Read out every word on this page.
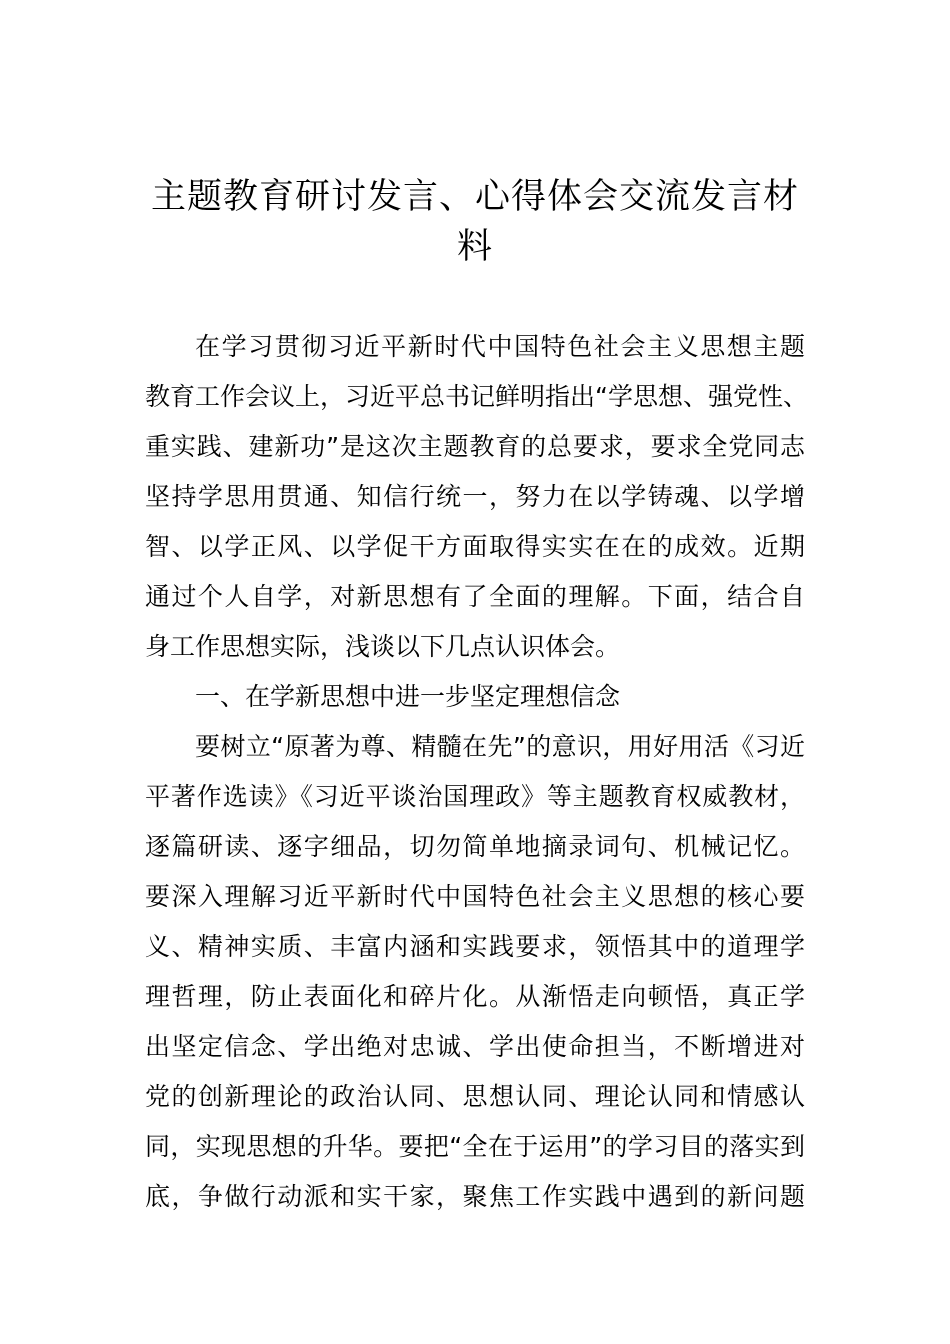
主题教育研讨发言、心得体会交流发言材
料
在学习贯彻习近平新时代中国特色社会主义思想主题
教育工作会议上，习近平总书记鲜明指出“学思想、强党性、
重实践、建新功”是这次主题教育的总要求，要求全党同志
坚持学思用贯通、知信行统一，努力在以学铸魂、以学增
智、以学正风、以学促干方面取得实实在在的成效。近期
通过个人自学，对新思想有了全面的理解。下面，结合自
身工作思想实际，浅谈以下几点认识体会。
一、在学新思想中进一步坚定理想信念
要树立“原著为尊、精髓在先”的意识，用好用活《习近
平著作选读》《习近平谈治国理政》等主题教育权威教材，
逐篇研读、逐字细品，切勿简单地摘录词句、机械记忆。
要深入理解习近平新时代中国特色社会主义思想的核心要
义、精神实质、丰富内涵和实践要求，领悟其中的道理学
理哲理，防止表面化和碎片化。从渐悟走向顿悟，真正学
出坚定信念、学出绝对忠诚、学出使命担当，不断增进对
党的创新理论的政治认同、思想认同、理论认同和情感认
同，实现思想的升华。要把“全在于运用”的学习目的落实到
底，争做行动派和实干家，聚焦工作实践中遇到的新问题
